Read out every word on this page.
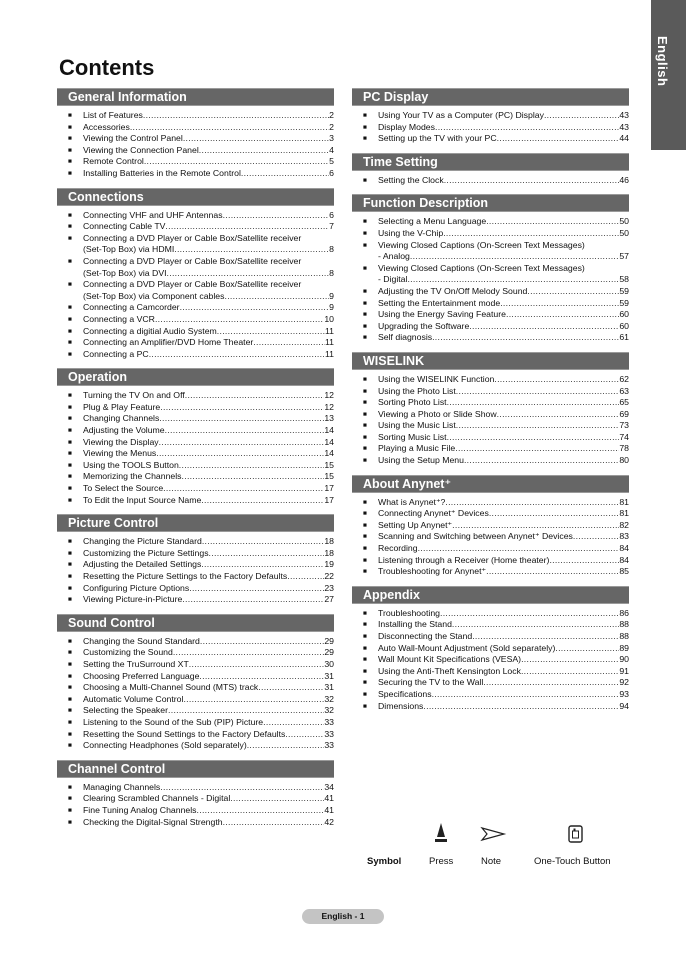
English
Contents
General Information
■ List of Features .....	2
■ Accessories .....	2
■ Viewing the Control Panel .....	3
■ Viewing the Connection Panel .....	4
■ Remote Control .....	5
■ Installing Batteries in the Remote Control .....	6
Connections
■ Connecting VHF and UHF Antennas .....	6
■ Connecting Cable TV .....	7
■ Connecting a DVD Player or Cable Box/Satellite receiver
(Set-Top Box) via HDMI .....	8
■ Connecting a DVD Player or Cable Box/Satellite receiver
(Set-Top Box) via DVI .....	8
■ Connecting a DVD Player or Cable Box/Satellite receiver
(Set-Top Box) via Component cables .....	9
■ Connecting a Camcorder .....	9
■ Connecting a VCR .....	10
■ Connecting a digitial Audio System .....	11
■ Connecting an Amplifier/DVD Home Theater .....	11
■ Connecting a PC .....	11
Operation
■ Turning the TV On and Off .....	12
■ Plug & Play Feature .....	12
■ Changing Channels .....	13
■ Adjusting the Volume .....	14
■ Viewing the Display .....	14
■ Viewing the Menus .....	14
■ Using the TOOLS Button .....	15
■ Memorizing the Channels .....	15
■ To Select the Source .....	17
■ To Edit the Input Source Name .....	17
Picture Control
■ Changing the Picture Standard .....	18
■ Customizing the Picture Settings .....	18
■ Adjusting the Detailed Settings .....	19
■ Resetting the Picture Settings to the Factory Defaults .....	22
■ Configuring Picture Options .....	23
■ Viewing Picture-in-Picture .....	27
Sound Control
■ Changing the Sound Standard .....	29
■ Customizing the Sound .....	29
■ Setting the TruSurround XT .....	30
■ Choosing Preferred Language .....	31
■ Choosing a Multi-Channel Sound (MTS) track .....	31
■ Automatic Volume Control .....	32
■ Selecting the Speaker .....	32
■ Listening to the Sound of the Sub (PIP) Picture .....	33
■ Resetting the Sound Settings to the Factory Defaults .....	33
■ Connecting Headphones (Sold separately) .....	33
Channel Control
■ Managing Channels .....	34
■ Clearing Scrambled Channels - Digital .....	41
■ Fine Tuning Analog Channels .....	41
■ Checking the Digital-Signal Strength .....	42
PC Display
■ Using Your TV as a Computer (PC) Display .....	43
■ Display Modes .....	43
■ Setting up the TV with your PC .....	44
Time Setting
■ Setting the Clock .....	46
Function Description
■ Selecting a Menu Language .....	50
■ Using the V-Chip .....	50
■ Viewing Closed Captions (On-Screen Text Messages)
- Analog .....	57
■ Viewing Closed Captions (On-Screen Text Messages)
- Digital .....	58
■ Adjusting the TV On/Off Melody Sound .....	59
■ Setting the Entertainment mode .....	59
■ Using the Energy Saving Feature .....	60
■ Upgrading the Software .....	60
■ Self diagnosis .....	61
WISELINK
■ Using the WISELINK Function .....	62
■ Using the Photo List .....	63
■ Sorting Photo List .....	65
■ Viewing a Photo or Slide Show .....	69
■ Using the Music List .....	73
■ Sorting Music List .....	74
■ Playing a Music File .....	78
■ Using the Setup Menu .....	80
About Anynet⁺
■ What is Anynet⁺? .....	81
■ Connecting Anynet⁺ Devices .....	81
■ Setting Up Anynet⁺ .....	82
■ Scanning and Switching between Anynet⁺ Devices .....	83
■ Recording .....	84
■ Listening through a Receiver (Home theater) .....	84
■ Troubleshooting for Anynet⁺ .....	85
Appendix
■ Troubleshooting .....	86
■ Installing the Stand .....	88
■ Disconnecting the Stand .....	88
■ Auto Wall-Mount Adjustment (Sold separately) .....	89
■ Wall Mount Kit Specifications (VESA) .....	90
■ Using the Anti-Theft Kensington Lock .....	91
■ Securing the TV to the Wall .....	92
■ Specifications .....	93
■ Dimensions .....	94
Symbol	Press	Note	One-Touch Button
English - 1
